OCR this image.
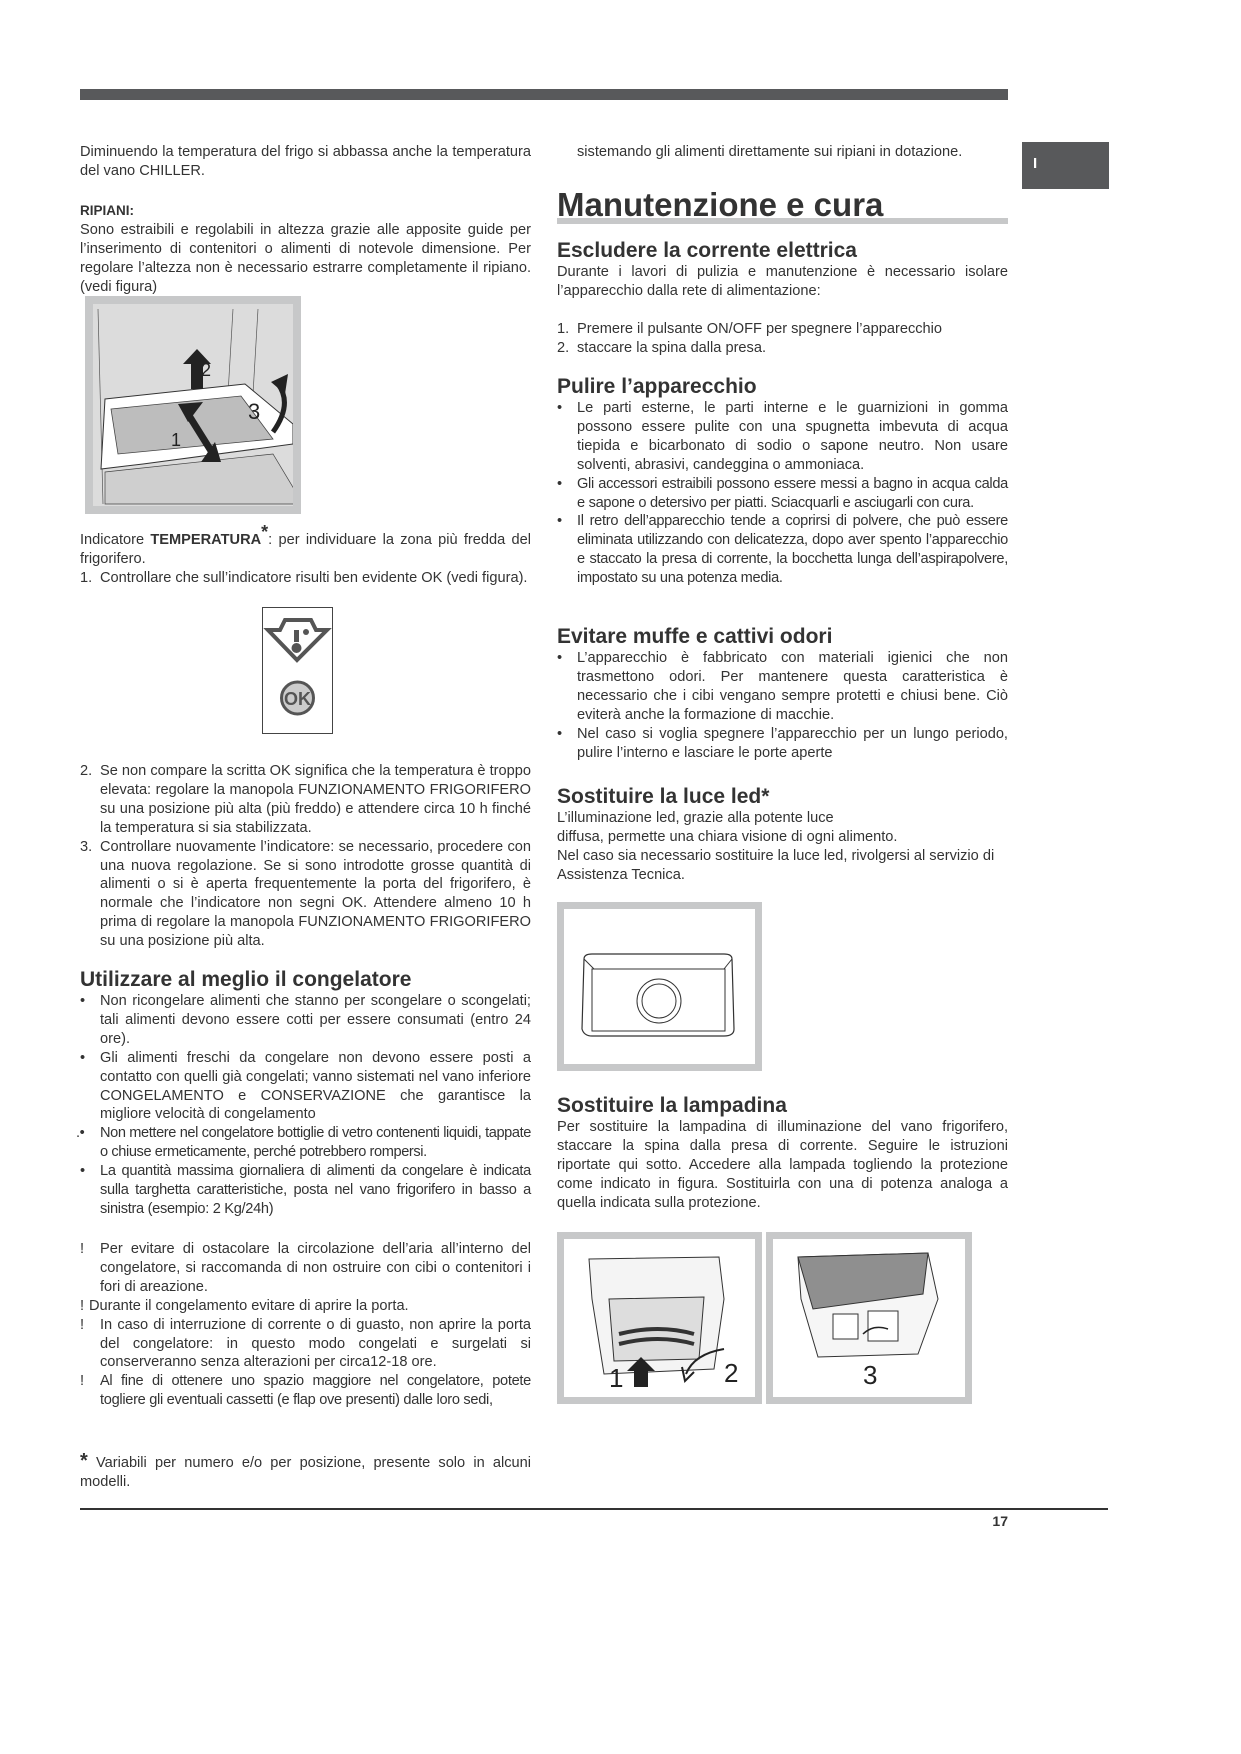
I

Diminuendo la temperatura del frigo si abbassa anche la temperatura del vano CHILLER.

RIPIANI:

Sono estraibili e regolabili in altezza grazie alle apposite guide per l’inserimento di contenitori o alimenti di notevole dimensione. Per regolare l’altezza non è necessario estrarre completamente il ripiano. (vedi figura)

2
3
1

Indicatore TEMPERATURA*: per individuare la zona più fredda del frigorifero.

1. Controllare che sull’indicatore risulti ben evidente OK (vedi figura).
OK
2. Se non compare la scritta OK significa che la temperatura è troppo elevata: regolare la manopola FUNZIONAMENTO FRIGORIFERO su una posizione più alta (più freddo) e attendere circa 10 h finché la temperatura si sia stabilizzata.
3. Controllare nuovamente l’indicatore: se necessario, procedere con una nuova regolazione. Se si sono introdotte grosse quantità di alimenti o si è aperta frequentemente la porta del frigorifero, è normale che l’indicatore non segni OK. Attendere almeno 10 h prima di regolare la manopola FUNZIONAMENTO FRIGORIFERO su una posizione più alta.
Utilizzare al meglio il congelatore
• Non ricongelare alimenti che stanno per scongelare o scongelati; tali alimenti devono essere cotti per essere consumati (entro 24 ore).
• Gli alimenti freschi da congelare non devono essere posti a contatto con quelli già congelati; vanno sistemati nel vano inferiore CONGELAMENTO e CONSERVAZIONE che garantisce la migliore velocità di congelamento
.• Non mettere nel congelatore bottiglie di vetro contenenti liquidi, tappate o chiuse ermeticamente, perché potrebbero rompersi.
• La quantità massima giornaliera di alimenti da congelare è indicata sulla targhetta caratteristiche, posta nel vano frigorifero in basso a sinistra (esempio: 2 Kg/24h)
! Per evitare di ostacolare la circolazione dell’aria all’interno del congelatore, si raccomanda di non ostruire con cibi o contenitori i fori di areazione.
! Durante il congelamento evitare di aprire la porta.
! In caso di interruzione di corrente o di guasto, non aprire la porta del congelatore: in questo modo congelati e surgelati si conserveranno senza alterazioni per circa12-18 ore.
! Al fine di ottenere uno spazio maggiore nel congelatore, potete togliere gli eventuali cassetti (e flap ove presenti) dalle loro sedi,

* Variabili per numero e/o per posizione, presente solo in alcuni modelli.

sistemando gli alimenti direttamente sui ripiani in dotazione.

Manutenzione e cura
Escludere la corrente elettrica

Durante i lavori di pulizia e manutenzione è necessario isolare l’apparecchio dalla rete di alimentazione:

1. Premere il pulsante ON/OFF per spegnere l’apparecchio
2. staccare la spina dalla presa.
Pulire l’apparecchio
• Le parti esterne, le parti interne e le guarnizioni in gomma possono essere pulite con una spugnetta imbevuta di acqua tiepida e bicarbonato di sodio o sapone neutro. Non usare solventi, abrasivi, candeggina o ammoniaca.
• Gli accessori estraibili possono essere messi a bagno in acqua calda e sapone o detersivo per piatti. Sciacquarli e asciugarli con cura.
• Il retro dell’apparecchio tende a coprirsi di polvere, che può essere eliminata utilizzando con delicatezza, dopo aver spento l’apparecchio e staccato la presa di corrente, la bocchetta lunga dell’aspirapolvere, impostato su una potenza media.
Evitare muffe e cattivi odori
• L’apparecchio è fabbricato con materiali igienici che non trasmettono odori. Per mantenere questa caratteristica è necessario che i cibi vengano sempre protetti e chiusi bene. Ciò eviterà anche la formazione di macchie.
• Nel caso si voglia spegnere l’apparecchio per un lungo periodo, pulire l’interno e lasciare le porte aperte
Sostituire la luce led*
L’illuminazione led, grazie alla potente luce
diffusa, permette una chiara visione di ogni alimento.
Nel caso sia necessario sostituire la luce led, rivolgersi al servizio di Assistenza Tecnica.
Sostituire la lampadina

Per sostituire la lampadina di illuminazione del vano frigorifero, staccare la spina dalla presa di corrente. Seguire le istruzioni riportate qui sotto. Accedere alla lampada togliendo la protezione come indicato in figura. Sostituirla con una di potenza analoga a quella indicata sulla protezione.

1	2	3
17
